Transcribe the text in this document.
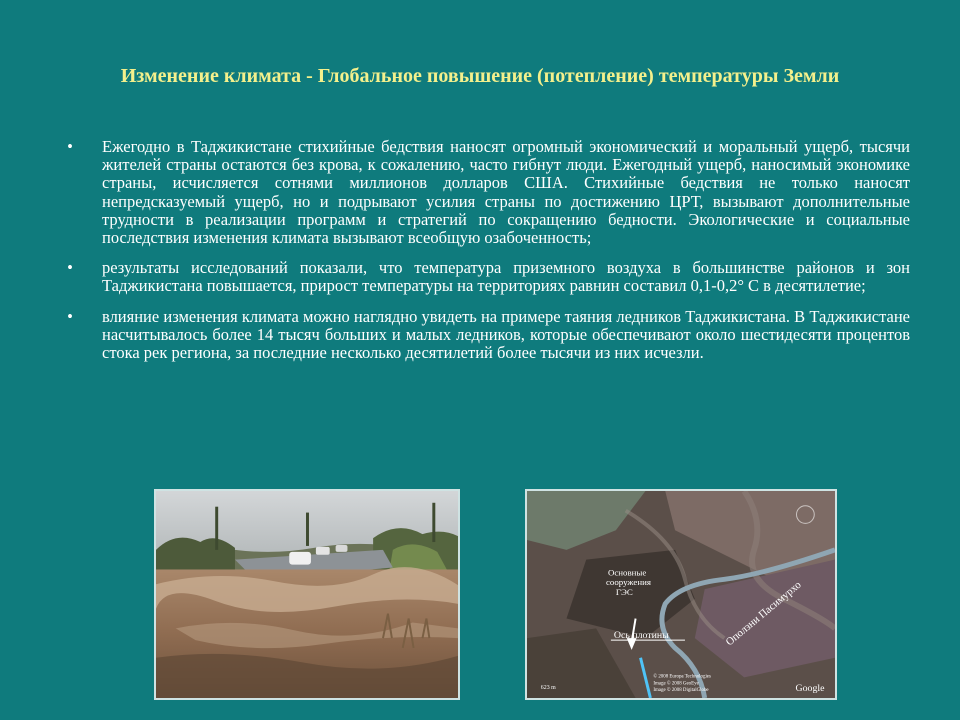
Изменение климата - Глобальное повышение (потепление) температуры Земли
• Ежегодно в Таджикистане стихийные бедствия наносят огромный экономический и моральный ущерб, тысячи жителей страны остаются без крова, к сожалению, часто гибнут люди. Ежегодный ущерб, наносимый экономике страны, исчисляется сотнями миллионов долларов США. Стихийные бедствия не только наносят непредсказуемый ущерб, но и подрывают усилия страны по достижению ЦРТ, вызывают дополнительные трудности в реализации программ и стратегий по сокращению бедности. Экологические и социальные последствия изменения климата вызывают всеобщую озабоченность;
• результаты исследований показали, что температура приземного воздуха в большинстве районов и зон Таджикистана повышается, прирост температуры на территориях равнин составил 0,1-0,2° С в десятилетие;
• влияние изменения климата можно наглядно увидеть на примере таяния ледников Таджикистана. В Таджикистане насчитывалось более 14 тысяч больших и малых ледников, которые обеспечивают около шестидесяти процентов стока рек региона, за последние несколько десятилетий более тысячи из них исчезли.
Основные
сооружения
ГЭС
Ось плотины	Оползни Пасимурхо
623 m
© 2008 Europa Technologies
Image © 2008 GeoEye
Image © 2008 DigitalGlobe	Google
